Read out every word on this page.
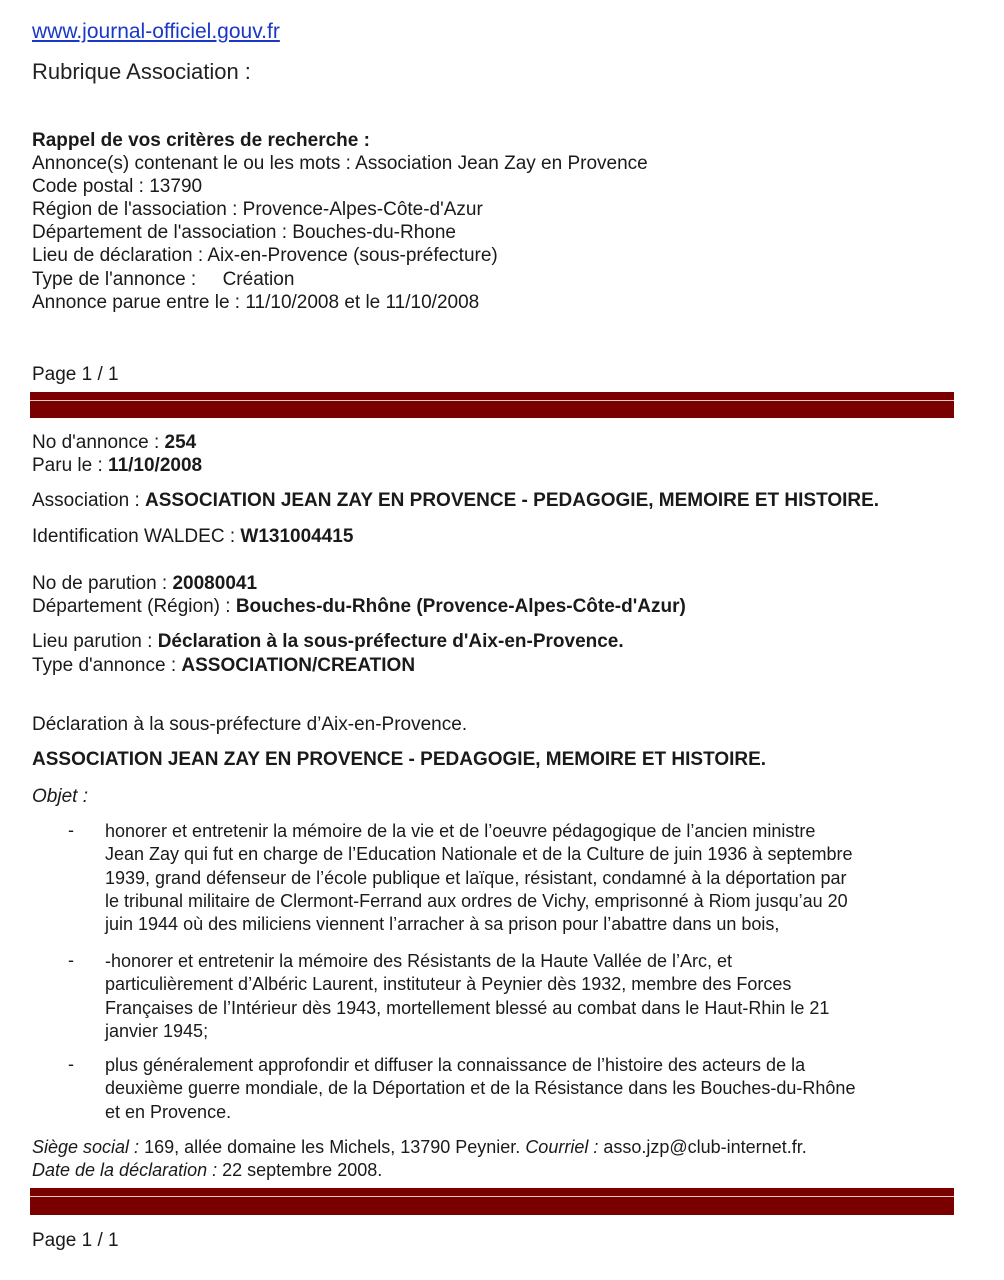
www.journal-officiel.gouv.fr
Rubrique Association :
Rappel de vos critères de recherche :
Annonce(s) contenant le ou les mots : Association Jean Zay en Provence
Code postal : 13790
Région de l'association : Provence-Alpes-Côte-d'Azur
Département de l'association : Bouches-du-Rhone
Lieu de déclaration : Aix-en-Provence (sous-préfecture)
Type de l'annonce :     Création
Annonce parue entre le : 11/10/2008 et le 11/10/2008
Page 1 / 1
No d'annonce : 254
Paru le : 11/10/2008
Association : ASSOCIATION JEAN ZAY EN PROVENCE - PEDAGOGIE, MEMOIRE ET HISTOIRE.
Identification WALDEC : W131004415
No de parution : 20080041
Département (Région) : Bouches-du-Rhône (Provence-Alpes-Côte-d'Azur)
Lieu parution : Déclaration à la sous-préfecture d'Aix-en-Provence.
Type d'annonce : ASSOCIATION/CREATION
Déclaration à la sous-préfecture d’Aix-en-Provence.
ASSOCIATION JEAN ZAY EN PROVENCE - PEDAGOGIE, MEMOIRE ET HISTOIRE.
Objet :
- honorer et entretenir la mémoire de la vie et de l’oeuvre pédagogique de l’ancien ministre
Jean Zay qui fut en charge de l’Education Nationale et de la Culture de juin 1936 à septembre
1939, grand défenseur de l’école publique et laïque, résistant, condamné à la déportation par
le tribunal militaire de Clermont-Ferrand aux ordres de Vichy, emprisonné à Riom jusqu’au 20
juin 1944 où des miliciens viennent l’arracher à sa prison pour l’abattre dans un bois,
- -honorer et entretenir la mémoire des Résistants de la Haute Vallée de l’Arc, et
particulièrement d’Albéric Laurent, instituteur à Peynier dès 1932, membre des Forces
Françaises de l’Intérieur dès 1943, mortellement blessé au combat dans le Haut-Rhin le 21
janvier 1945;
- plus généralement approfondir et diffuser la connaissance de l’histoire des acteurs de la
deuxième guerre mondiale, de la Déportation et de la Résistance dans les Bouches-du-Rhône
et en Provence.
Siège social : 169, allée domaine les Michels, 13790 Peynier. Courriel : asso.jzp@club-internet.fr.
Date de la déclaration : 22 septembre 2008.
Page 1 / 1
